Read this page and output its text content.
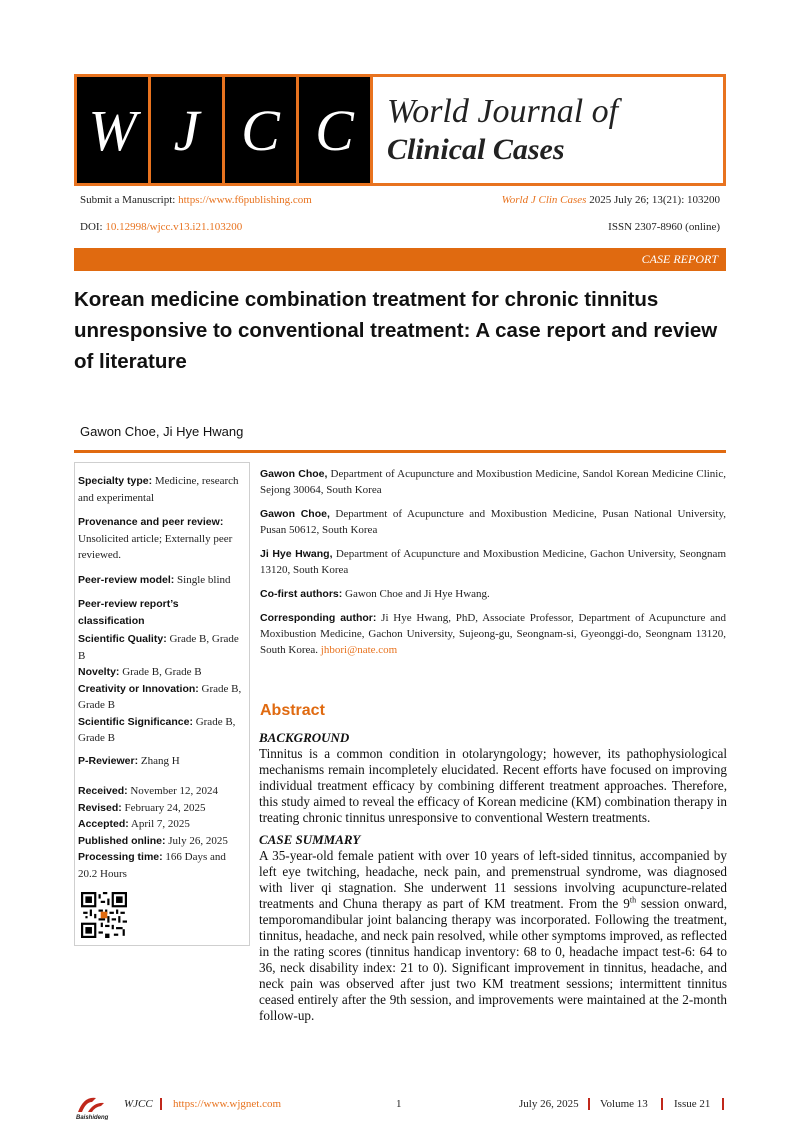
W J C C World Journal of
Clinical Cases
Submit a Manuscript: https://www.f6publishing.com	World J Clin Cases 2025 July 26; 13(21): 103200
DOI: 10.12998/wjcc.v13.i21.103200	ISSN 2307-8960 (online)
CASE REPORT
Korean medicine combination treatment for chronic tinnitus unresponsive to conventional treatment: A case report and review of literature
Gawon Choe, Ji Hye Hwang
Specialty type: Medicine, research and experimental
Provenance and peer review:
Unsolicited article; Externally peer reviewed.
Peer-review model: Single blind
Peer-review report’s classification
Scientific Quality: Grade B, Grade B
Novelty: Grade B, Grade B
Creativity or Innovation: Grade B, Grade B
Scientific Significance: Grade B, Grade B
P-Reviewer: Zhang H
Received: November 12, 2024
Revised: February 24, 2025
Accepted: April 7, 2025
Published online: July 26, 2025
Processing time: 166 Days and 20.2 Hours

Gawon Choe, Department of Acupuncture and Moxibustion Medicine, Sandol Korean Medicine Clinic, Sejong 30064, South Korea

Gawon Choe, Department of Acupuncture and Moxibustion Medicine, Pusan National University, Pusan 50612, South Korea

Ji Hye Hwang, Department of Acupuncture and Moxibustion Medicine, Gachon University, Seongnam 13120, South Korea

Co-first authors: Gawon Choe and Ji Hye Hwang.

Corresponding author: Ji Hye Hwang, PhD, Associate Professor, Department of Acupuncture and Moxibustion Medicine, Gachon University, Sujeong-gu, Seongnam-si, Gyeonggi-do, Seongnam 13120, South Korea. jhbori@nate.com

Abstract
BACKGROUND

Tinnitus is a common condition in otolaryngology; however, its pathophysiological mechanisms remain incompletely elucidated. Recent efforts have focused on improving individual treatment efficacy by combining different treatment approaches. Therefore, this study aimed to reveal the efficacy of Korean medicine (KM) combination therapy in treating chronic tinnitus unresponsive to conventional Western treatments.

CASE SUMMARY

A 35-year-old female patient with over 10 years of left-sided tinnitus, accompanied by left eye twitching, headache, neck pain, and premenstrual syndrome, was diagnosed with liver qi stagnation. She underwent 11 sessions involving acupuncture-related treatments and Chuna therapy as part of KM treatment. From the 9th session onward, temporomandibular joint balancing therapy was incorporated. Following the treatment, tinnitus, headache, and neck pain resolved, while other symptoms improved, as reflected in the rating scores (tinnitus handicap inventory: 68 to 0, headache impact test-6: 64 to 36, neck disability index: 21 to 0). Significant improvement in tinnitus, headache, and neck pain was observed after just two KM treatment sessions; intermittent tinnitus ceased entirely after the 9th session, and improvements were maintained at the 2-month follow-up.

Baishideng
WJCC https://www.wjgnet.com	1	July 26, 2025 Volume 13 Issue 21
